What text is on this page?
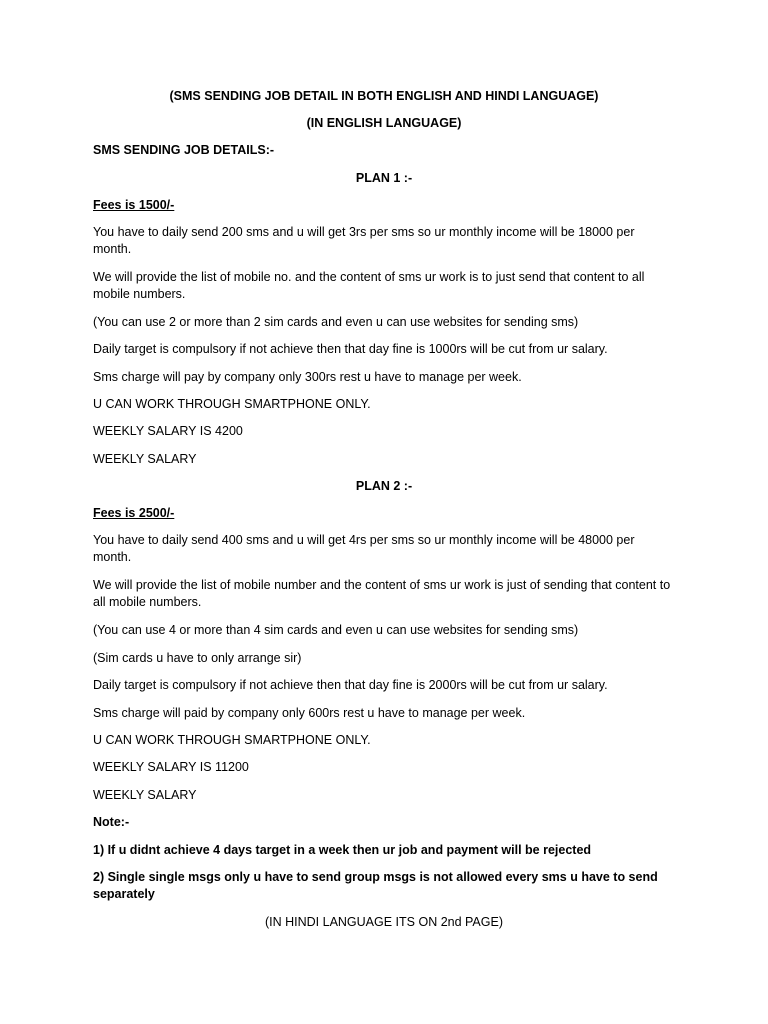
(SMS SENDING JOB DETAIL IN BOTH ENGLISH AND HINDI LANGUAGE)
(IN ENGLISH LANGUAGE)
SMS SENDING JOB DETAILS:-
PLAN 1 :-
Fees is 1500/-
You have to daily send 200 sms and u will get 3rs per sms so ur monthly income will be 18000 per month.
We will provide the list of mobile no. and the content of sms ur work is to just send that content to all mobile numbers.
(You can use 2 or more than 2 sim cards and even u can use websites for sending sms)
Daily target is compulsory if not achieve then that day fine is 1000rs will be cut from ur salary.
Sms charge will pay by company only 300rs rest u have to manage per week.
U CAN WORK THROUGH SMARTPHONE ONLY.
WEEKLY SALARY IS 4200
WEEKLY SALARY
PLAN 2 :-
Fees is 2500/-
You have to daily send 400 sms and u will get 4rs per sms so ur monthly income will be 48000 per month.
We will provide the list of mobile number and the content of sms ur work is just of sending that content to all mobile numbers.
(You can use 4 or more than 4 sim cards and even u can use websites for sending sms)
(Sim cards u have to only arrange sir)
Daily target is compulsory if not achieve then that day fine is 2000rs will be cut from ur salary.
Sms charge will paid by company only 600rs rest u have to manage per week.
U CAN WORK THROUGH SMARTPHONE ONLY.
WEEKLY SALARY IS 11200
WEEKLY SALARY
Note:-
1) If u didnt achieve 4 days target in a week then ur job and payment will be rejected
2) Single single msgs only u have to send group msgs is not allowed every sms u have to send separately
(IN HINDI LANGUAGE ITS ON 2nd PAGE)
